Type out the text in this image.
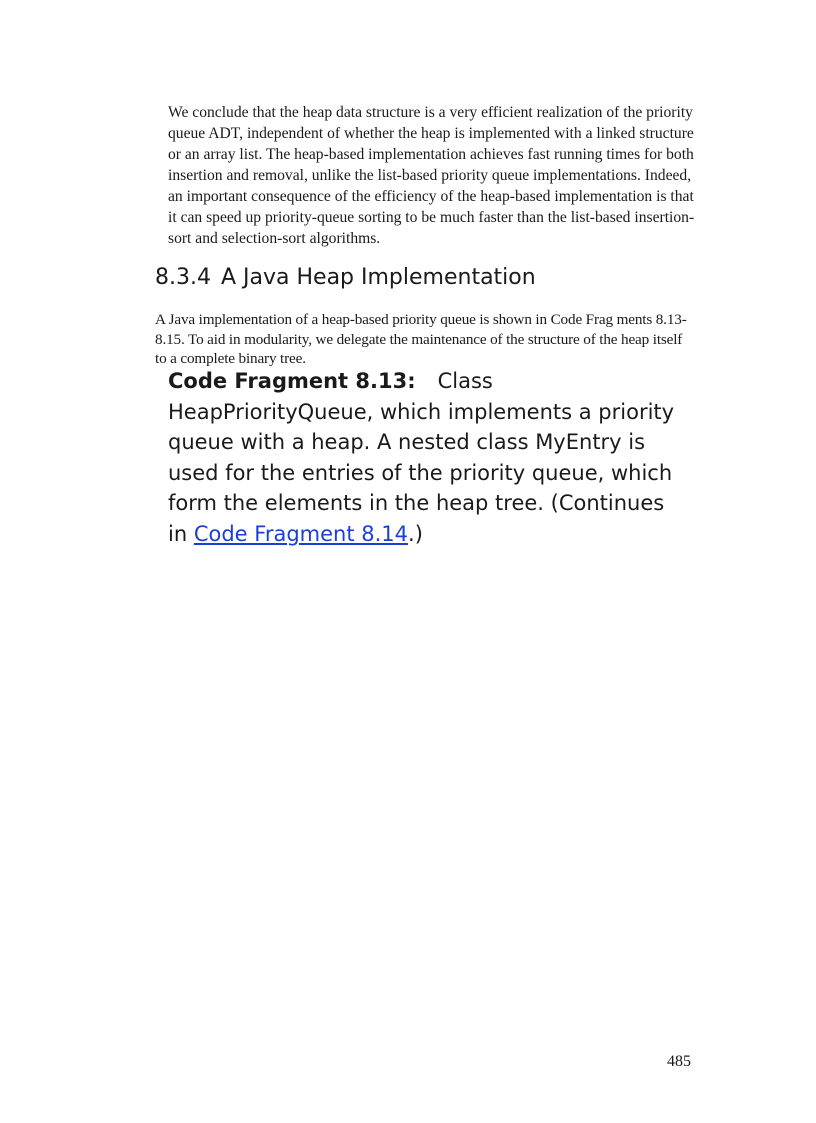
We conclude that the heap data structure is a very efficient realization of the priority queue ADT, independent of whether the heap is implemented with a linked structure or an array list. The heap-based implementation achieves fast running times for both insertion and removal, unlike the list-based priority queue implementations. Indeed, an important consequence of the efficiency of the heap-based implementation is that it can speed up priority-queue sorting to be much faster than the list-based insertion-sort and selection-sort algorithms.

8.3.4 A Java Heap Implementation

A Java implementation of a heap-based priority queue is shown in Code Frag ments 8.13-8.15. To aid in modularity, we delegate the maintenance of the structure of the heap itself to a complete binary tree.

Code Fragment 8.13: Class HeapPriorityQueue, which implements a priority queue with a heap. A nested class MyEntry is used for the entries of the priority queue, which form the elements in the heap tree. (Continues in Code Fragment 8.14.)

485
